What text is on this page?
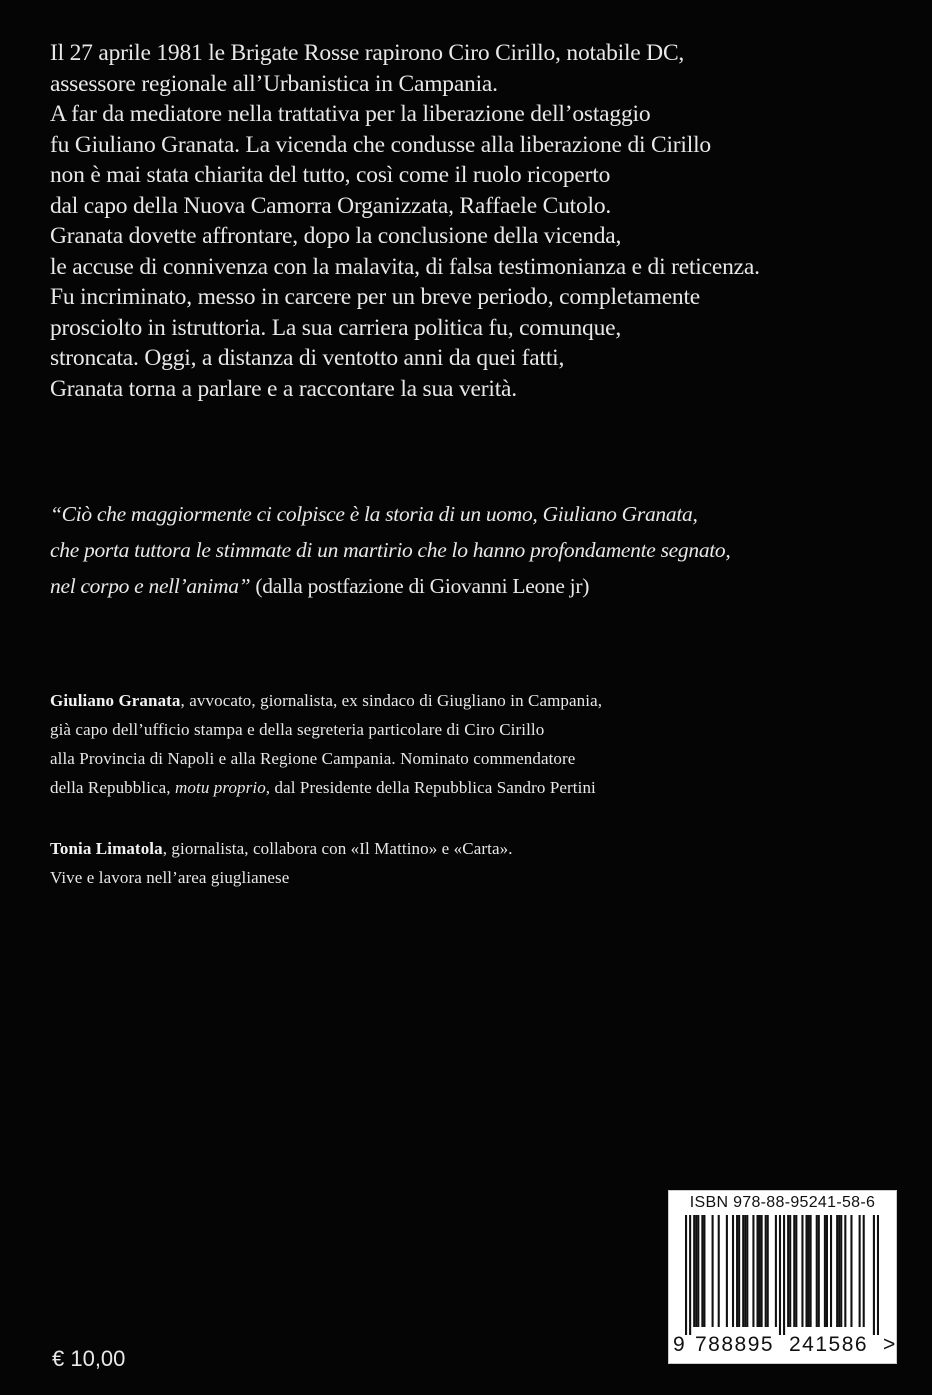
Il 27 aprile 1981 le Brigate Rosse rapirono Ciro Cirillo, notabile DC,
assessore regionale all’Urbanistica in Campania.
A far da mediatore nella trattativa per la liberazione dell’ostaggio
fu Giuliano Granata. La vicenda che condusse alla liberazione di Cirillo
non è mai stata chiarita del tutto, così come il ruolo ricoperto
dal capo della Nuova Camorra Organizzata, Raffaele Cutolo.
Granata dovette affrontare, dopo la conclusione della vicenda,
le accuse di connivenza con la malavita, di falsa testimonianza e di reticenza.
Fu incriminato, messo in carcere per un breve periodo, completamente
prosciolto in istruttoria. La sua carriera politica fu, comunque,
stroncata. Oggi, a distanza di ventotto anni da quei fatti,
Granata torna a parlare e a raccontare la sua verità.
“Ciò che maggiormente ci colpisce è la storia di un uomo, Giuliano Granata,
che porta tuttora le stimmate di un martirio che lo hanno profondamente segnato,
nel corpo e nell’anima” (dalla postfazione di Giovanni Leone jr)
Giuliano Granata, avvocato, giornalista, ex sindaco di Giugliano in Campania,
già capo dell’ufficio stampa e della segreteria particolare di Ciro Cirillo
alla Provincia di Napoli e alla Regione Campania. Nominato commendatore
della Repubblica, motu proprio, dal Presidente della Repubblica Sandro Pertini
Tonia Limatola, giornalista, collabora con «Il Mattino» e «Carta».
Vive e lavora nell’area giuglianese
ISBN 978-88-95241-58-6
9 788895 241586 >
€ 10,00
